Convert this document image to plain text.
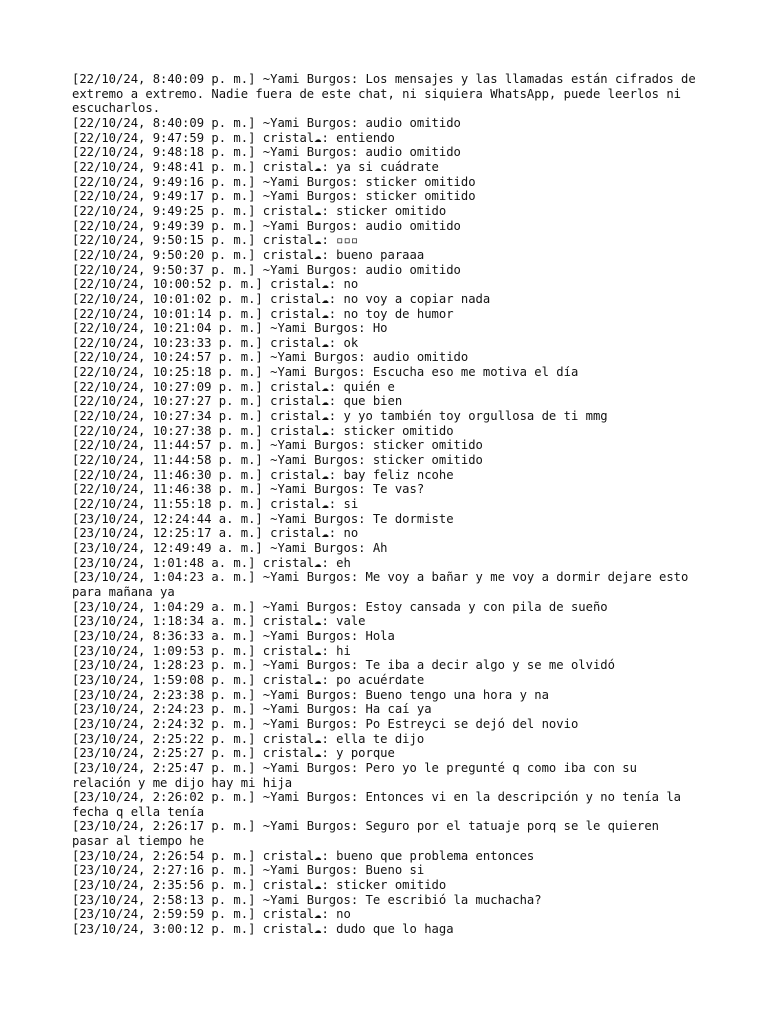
[22/10/24, 8:40:09 p. m.] ~Yami Burgos: Los mensajes y las llamadas están cifrados de extremo a extremo. Nadie fuera de este chat, ni siquiera WhatsApp, puede leerlos ni escucharlos.
[22/10/24, 8:40:09 p. m.] ~Yami Burgos: audio omitido
[22/10/24, 9:47:59 p. m.] cristal☁: entiendo
[22/10/24, 9:48:18 p. m.] ~Yami Burgos: audio omitido
[22/10/24, 9:48:41 p. m.] cristal☁: ya si cuádrate
[22/10/24, 9:49:16 p. m.] ~Yami Burgos: sticker omitido
[22/10/24, 9:49:17 p. m.] ~Yami Burgos: sticker omitido
[22/10/24, 9:49:25 p. m.] cristal☁: sticker omitido
[22/10/24, 9:49:39 p. m.] ~Yami Burgos: audio omitido
[22/10/24, 9:50:15 p. m.] cristal☁: ▫▫▫
[22/10/24, 9:50:20 p. m.] cristal☁: bueno paraaa
[22/10/24, 9:50:37 p. m.] ~Yami Burgos: audio omitido
[22/10/24, 10:00:52 p. m.] cristal☁: no
[22/10/24, 10:01:02 p. m.] cristal☁: no voy a copiar nada
[22/10/24, 10:01:14 p. m.] cristal☁: no toy de humor
[22/10/24, 10:21:04 p. m.] ~Yami Burgos: Ho
[22/10/24, 10:23:33 p. m.] cristal☁: ok
[22/10/24, 10:24:57 p. m.] ~Yami Burgos: audio omitido
[22/10/24, 10:25:18 p. m.] ~Yami Burgos: Escucha eso me motiva el día
[22/10/24, 10:27:09 p. m.] cristal☁: quién e
[22/10/24, 10:27:27 p. m.] cristal☁: que bien
[22/10/24, 10:27:34 p. m.] cristal☁: y yo también toy orgullosa de ti mmg
[22/10/24, 10:27:38 p. m.] cristal☁: sticker omitido
[22/10/24, 11:44:57 p. m.] ~Yami Burgos: sticker omitido
[22/10/24, 11:44:58 p. m.] ~Yami Burgos: sticker omitido
[22/10/24, 11:46:30 p. m.] cristal☁: bay feliz ncohe
[22/10/24, 11:46:38 p. m.] ~Yami Burgos: Te vas?
[22/10/24, 11:55:18 p. m.] cristal☁: si
[23/10/24, 12:24:44 a. m.] ~Yami Burgos: Te dormiste
[23/10/24, 12:25:17 a. m.] cristal☁: no
[23/10/24, 12:49:49 a. m.] ~Yami Burgos: Ah
[23/10/24, 1:01:48 a. m.] cristal☁: eh
[23/10/24, 1:04:23 a. m.] ~Yami Burgos: Me voy a bañar y me voy a dormir dejare esto para mañana ya
[23/10/24, 1:04:29 a. m.] ~Yami Burgos: Estoy cansada y con pila de sueño
[23/10/24, 1:18:34 a. m.] cristal☁: vale
[23/10/24, 8:36:33 a. m.] ~Yami Burgos: Hola
[23/10/24, 1:09:53 p. m.] cristal☁: hi
[23/10/24, 1:28:23 p. m.] ~Yami Burgos: Te iba a decir algo y se me olvidó
[23/10/24, 1:59:08 p. m.] cristal☁: po acuérdate
[23/10/24, 2:23:38 p. m.] ~Yami Burgos: Bueno tengo una hora y na
[23/10/24, 2:24:23 p. m.] ~Yami Burgos: Ha caí ya
[23/10/24, 2:24:32 p. m.] ~Yami Burgos: Po Estreyci se dejó del novio
[23/10/24, 2:25:22 p. m.] cristal☁: ella te dijo
[23/10/24, 2:25:27 p. m.] cristal☁: y porque
[23/10/24, 2:25:47 p. m.] ~Yami Burgos: Pero yo le pregunté q como iba con su relación y me dijo hay mi hija
[23/10/24, 2:26:02 p. m.] ~Yami Burgos: Entonces vi en la descripción y no tenía la fecha q ella tenía
[23/10/24, 2:26:17 p. m.] ~Yami Burgos: Seguro por el tatuaje porq se le quieren pasar al tiempo he
[23/10/24, 2:26:54 p. m.] cristal☁: bueno que problema entonces
[23/10/24, 2:27:16 p. m.] ~Yami Burgos: Bueno si
[23/10/24, 2:35:56 p. m.] cristal☁: sticker omitido
[23/10/24, 2:58:13 p. m.] ~Yami Burgos: Te escribió la muchacha?
[23/10/24, 2:59:59 p. m.] cristal☁: no
[23/10/24, 3:00:12 p. m.] cristal☁: dudo que lo haga
